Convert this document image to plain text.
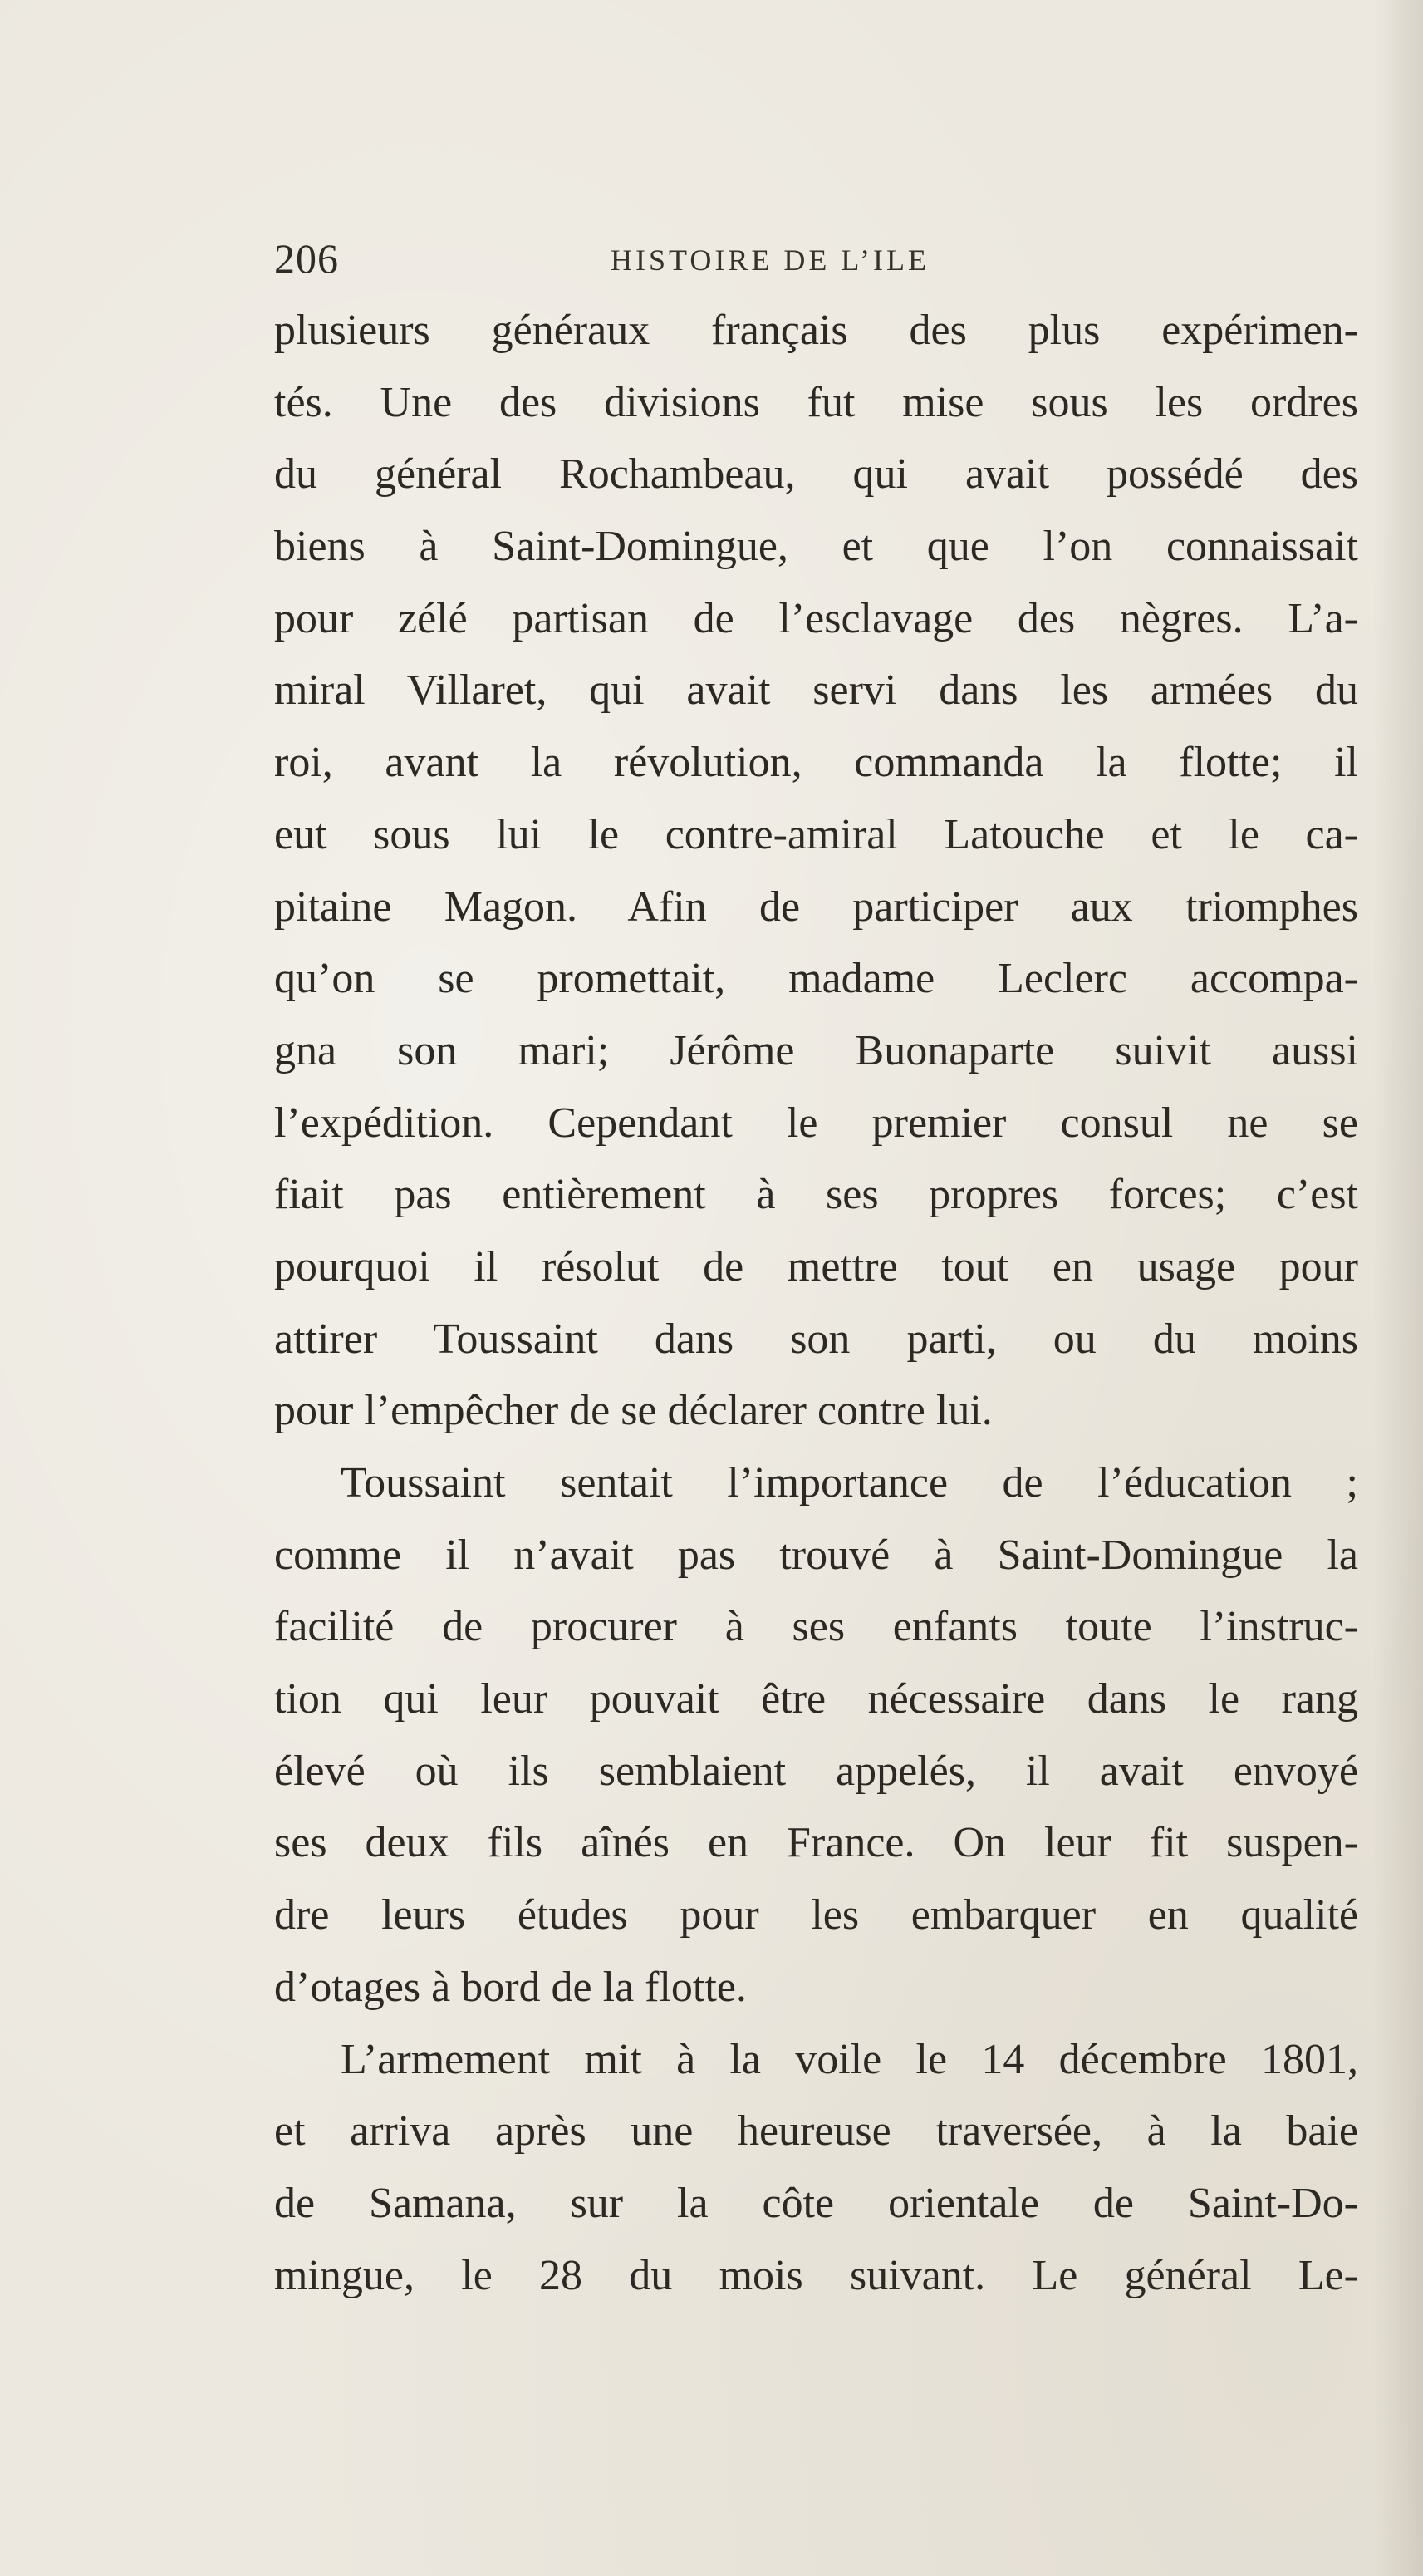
206	HISTOIRE DE L’ILE
plusieurs généraux français des plus expérimen-
tés. Une des divisions fut mise sous les ordres
du général Rochambeau, qui avait possédé des
biens à Saint-Domingue, et que l’on connaissait
pour zélé partisan de l’esclavage des nègres. L’a-
miral Villaret, qui avait servi dans les armées du
roi, avant la révolution, commanda la flotte; il
eut sous lui le contre-amiral Latouche et le ca-
pitaine Magon. Afin de participer aux triomphes
qu’on se promettait, madame Leclerc accompa-
gna son mari; Jérôme Buonaparte suivit aussi
l’expédition. Cependant le premier consul ne se
fiait pas entièrement à ses propres forces; c’est
pourquoi il résolut de mettre tout en usage pour
attirer Toussaint dans son parti, ou du moins
pour l’empêcher de se déclarer contre lui.
Toussaint sentait l’importance de l’éducation ;
comme il n’avait pas trouvé à Saint-Domingue la
facilité de procurer à ses enfants toute l’instruc-
tion qui leur pouvait être nécessaire dans le rang
élevé où ils semblaient appelés, il avait envoyé
ses deux fils aînés en France. On leur fit suspen-
dre leurs études pour les embarquer en qualité
d’otages à bord de la flotte.
L’armement mit à la voile le 14 décembre 1801,
et arriva après une heureuse traversée, à la baie
de Samana, sur la côte orientale de Saint-Do-
mingue, le 28 du mois suivant. Le général Le-
